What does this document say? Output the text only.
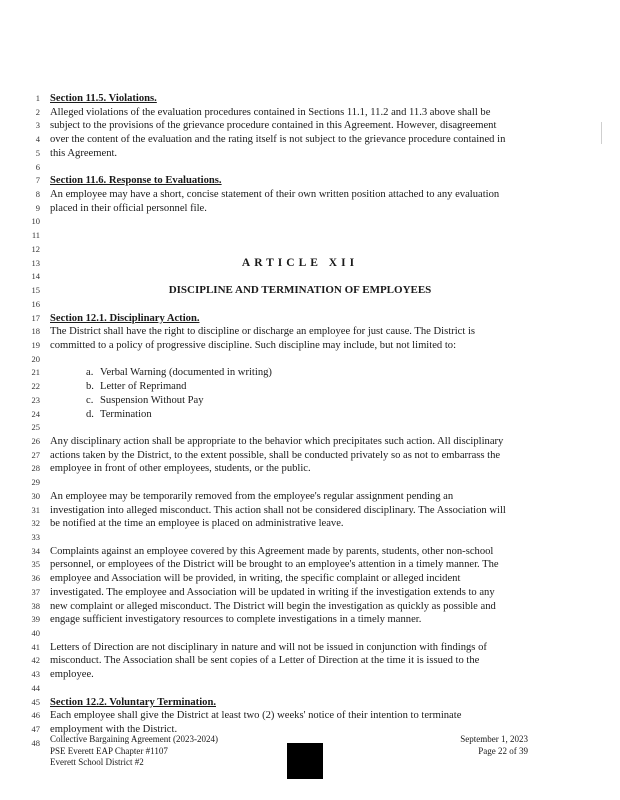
1
2
3
4
5
6
7
8
9
10
11
12
13
14
15
16
17
18
19
20
21
22
23
24
25
26
27
28
29
30
31
32
33
34
35
36
37
38
39
40
41
42
43
44
45
46
47
48
Section 11.5. Violations.
Alleged violations of the evaluation procedures contained in Sections 11.1, 11.2 and 11.3 above shall be
subject to the provisions of the grievance procedure contained in this Agreement. However, disagreement
over the content of the evaluation and the rating itself is not subject to the grievance procedure contained in
this Agreement.
Section 11.6. Response to Evaluations.
An employee may have a short, concise statement of their own written position attached to any evaluation
placed in their official personnel file.
ARTICLE XII
DISCIPLINE AND TERMINATION OF EMPLOYEES
Section 12.1. Disciplinary Action.
The District shall have the right to discipline or discharge an employee for just cause. The District is
committed to a policy of progressive discipline. Such discipline may include, but not limited to:
a. Verbal Warning (documented in writing)
b. Letter of Reprimand
c. Suspension Without Pay
d. Termination
Any disciplinary action shall be appropriate to the behavior which precipitates such action. All disciplinary
actions taken by the District, to the extent possible, shall be conducted privately so as not to embarrass the
employee in front of other employees, students, or the public.
An employee may be temporarily removed from the employee's regular assignment pending an
investigation into alleged misconduct. This action shall not be considered disciplinary. The Association will
be notified at the time an employee is placed on administrative leave.
Complaints against an employee covered by this Agreement made by parents, students, other non-school
personnel, or employees of the District will be brought to an employee's attention in a timely manner. The
employee and Association will be provided, in writing, the specific complaint or alleged incident
investigated. The employee and Association will be updated in writing if the investigation extends to any
new complaint or alleged misconduct. The District will begin the investigation as quickly as possible and
engage sufficient investigatory resources to complete investigations in a timely manner.
Letters of Direction are not disciplinary in nature and will not be issued in conjunction with findings of
misconduct. The Association shall be sent copies of a Letter of Direction at the time it is issued to the
employee.
Section 12.2. Voluntary Termination.
Each employee shall give the District at least two (2) weeks' notice of their intention to terminate
employment with the District.
Collective Bargaining Agreement (2023-2024)
PSE Everett EAP Chapter #1107
Everett School District #2
September 1, 2023
Page 22 of 39
